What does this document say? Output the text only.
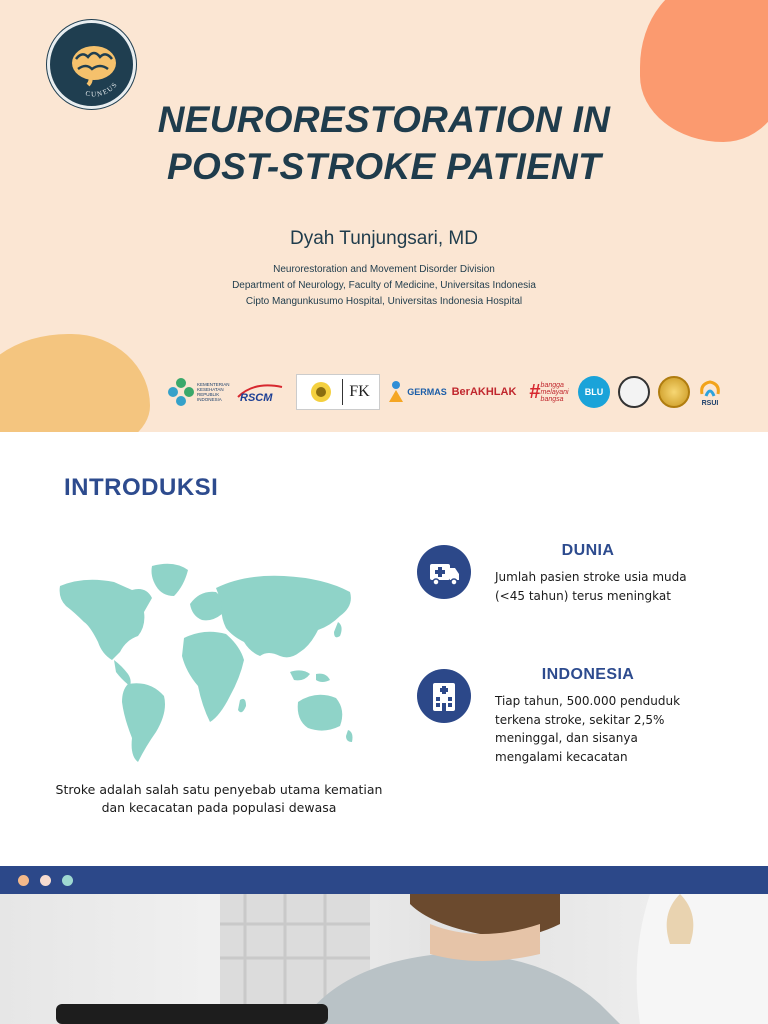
CUNEUS
NEURORESTORATION IN
POST-STROKE PATIENT
Dyah Tunjungsari, MD
Neurorestoration and Movement Disorder Division
Department of Neurology, Faculty of Medicine, Universitas Indonesia
Cipto Mangunkusumo Hospital, Universitas Indonesia Hospital
KEMENTERIAN KESEHATAN REPUBLIK INDONESIA	RSCM	FK	GERMAS BerAKHLAK # bangga
melayani
bangsa
BLU
RSUI
INTRODUKSI

Stroke adalah salah satu penyebab utama kematian dan kecacatan pada populasi dewasa

DUNIA

Jumlah pasien stroke usia muda (<45 tahun) terus meningkat

INDONESIA

Tiap tahun, 500.000 penduduk terkena stroke, sekitar 2,5% meninggal, dan sisanya mengalami kecacatan
